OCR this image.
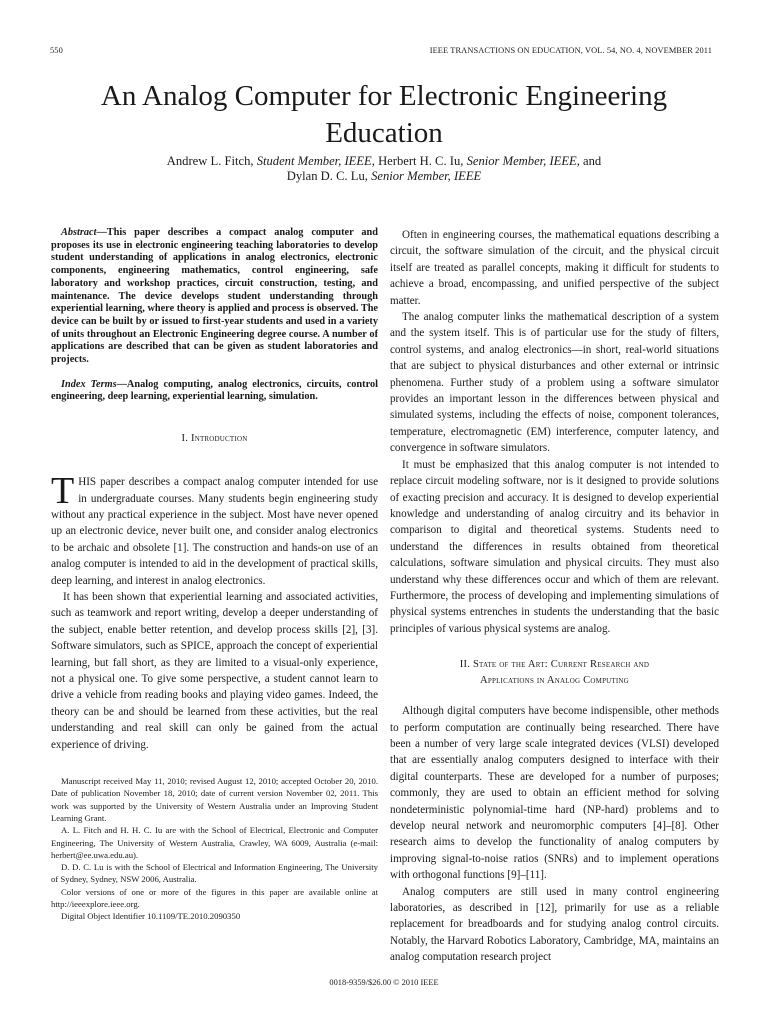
550	IEEE TRANSACTIONS ON EDUCATION, VOL. 54, NO. 4, NOVEMBER 2011
An Analog Computer for Electronic Engineering Education
Andrew L. Fitch, Student Member, IEEE, Herbert H. C. Iu, Senior Member, IEEE, and
Dylan D. C. Lu, Senior Member, IEEE

Abstract—This paper describes a compact analog computer and proposes its use in electronic engineering teaching laboratories to develop student understanding of applications in analog electronics, electronic components, engineering mathematics, control engineering, safe laboratory and workshop practices, circuit construction, testing, and maintenance. The device develops student understanding through experiential learning, where theory is applied and process is observed. The device can be built by or issued to first-year students and used in a variety of units throughout an Electronic Engineering degree course. A number of applications are described that can be given as student laboratories and projects.

Index Terms—Analog computing, analog electronics, circuits, control engineering, deep learning, experiential learning, simulation.

I. Introduction

THIS paper describes a compact analog computer intended for use in undergraduate courses. Many students begin engineering study without any practical experience in the subject. Most have never opened up an electronic device, never built one, and consider analog electronics to be archaic and obsolete [1]. The construction and hands-on use of an analog computer is intended to aid in the development of practical skills, deep learning, and interest in analog electronics.

It has been shown that experiential learning and associated activities, such as teamwork and report writing, develop a deeper understanding of the subject, enable better retention, and develop process skills [2], [3]. Software simulators, such as SPICE, approach the concept of experiential learning, but fall short, as they are limited to a visual-only experience, not a physical one. To give some perspective, a student cannot learn to drive a vehicle from reading books and playing video games. Indeed, the theory can be and should be learned from these activities, but the real understanding and real skill can only be gained from the actual experience of driving.

Manuscript received May 11, 2010; revised August 12, 2010; accepted October 20, 2010. Date of publication November 18, 2010; date of current version November 02, 2011. This work was supported by the University of Western Australia under an Improving Student Learning Grant.

A. L. Fitch and H. H. C. Iu are with the School of Electrical, Electronic and Computer Engineering, The University of Western Australia, Crawley, WA 6009, Australia (e-mail: herbert@ee.uwa.edu.au).

D. D. C. Lu is with the School of Electrical and Information Engineering, The University of Sydney, Sydney, NSW 2006, Australia.

Color versions of one or more of the figures in this paper are available online at http://ieeexplore.ieee.org.

Digital Object Identifier 10.1109/TE.2010.2090350

Often in engineering courses, the mathematical equations describing a circuit, the software simulation of the circuit, and the physical circuit itself are treated as parallel concepts, making it difficult for students to achieve a broad, encompassing, and unified perspective of the subject matter.

The analog computer links the mathematical description of a system and the system itself. This is of particular use for the study of filters, control systems, and analog electronics—in short, real-world situations that are subject to physical disturbances and other external or intrinsic phenomena. Further study of a problem using a software simulator provides an important lesson in the differences between physical and simulated systems, including the effects of noise, component tolerances, temperature, electromagnetic (EM) interference, computer latency, and convergence in software simulators.

It must be emphasized that this analog computer is not intended to replace circuit modeling software, nor is it designed to provide solutions of exacting precision and accuracy. It is designed to develop experiential knowledge and understanding of analog circuitry and its behavior in comparison to digital and theoretical systems. Students need to understand the differences in results obtained from theoretical calculations, software simulation and physical circuits. They must also understand why these differences occur and which of them are relevant. Furthermore, the process of developing and implementing simulations of physical systems entrenches in students the understanding that the basic principles of various physical systems are analog.

II. State of the Art: Current Research and
Applications in Analog Computing

Although digital computers have become indispensible, other methods to perform computation are continually being researched. There have been a number of very large scale integrated devices (VLSI) developed that are essentially analog computers designed to interface with their digital counterparts. These are developed for a number of purposes; commonly, they are used to obtain an efficient method for solving nondeterministic polynomial-time hard (NP-hard) problems and to develop neural network and neuromorphic computers [4]–[8]. Other research aims to develop the functionality of analog computers by improving signal-to-noise ratios (SNRs) and to implement operations with orthogonal functions [9]–[11].

Analog computers are still used in many control engineering laboratories, as described in [12], primarily for use as a reliable replacement for breadboards and for studying analog control circuits. Notably, the Harvard Robotics Laboratory, Cambridge, MA, maintains an analog computation research project

0018-9359/$26.00 © 2010 IEEE
